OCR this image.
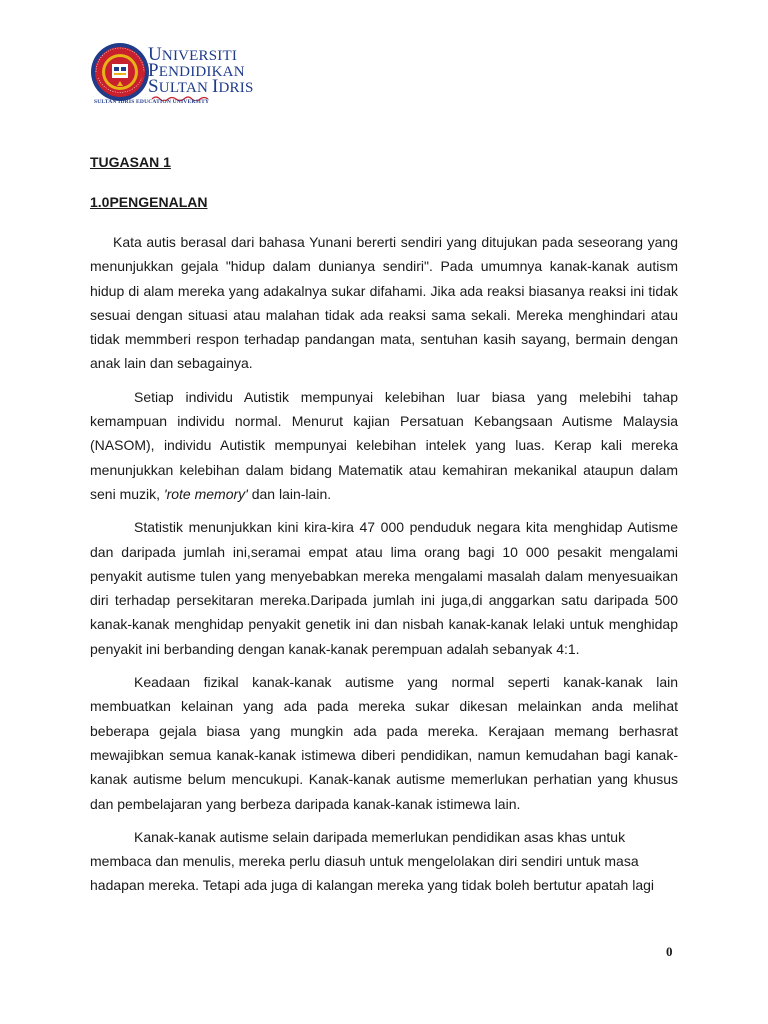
UNIVERSITI
PENDIDIKAN
SULTAN IDRIS
SULTAN IDRIS EDUCATION UNIVERSITY

TUGASAN 1

1.0PENGENALAN

Kata autis berasal dari bahasa Yunani bererti sendiri yang ditujukan pada seseorang yang menunjukkan gejala "hidup dalam dunianya sendiri". Pada umumnya kanak-kanak autism hidup di alam mereka yang adakalnya sukar difahami. Jika ada reaksi biasanya reaksi ini tidak sesuai dengan situasi atau malahan tidak ada reaksi sama sekali. Mereka menghindari atau tidak memmberi respon terhadap pandangan mata, sentuhan kasih sayang, bermain dengan anak lain dan sebagainya.

Setiap individu Autistik mempunyai kelebihan luar biasa yang melebihi tahap kemampuan individu normal. Menurut kajian Persatuan Kebangsaan Autisme Malaysia (NASOM), individu Autistik mempunyai kelebihan intelek yang luas. Kerap kali mereka menunjukkan kelebihan dalam bidang Matematik atau kemahiran mekanikal ataupun dalam seni muzik, 'rote memory' dan lain-lain.

Statistik menunjukkan kini kira-kira 47 000 penduduk negara kita menghidap Autisme dan daripada jumlah ini,seramai empat atau lima orang bagi 10 000 pesakit mengalami penyakit autisme tulen yang menyebabkan mereka mengalami masalah dalam menyesuaikan diri terhadap persekitaran mereka.Daripada jumlah ini juga,di anggarkan satu daripada 500 kanak-kanak menghidap penyakit genetik ini dan nisbah kanak-kanak lelaki untuk menghidap penyakit ini berbanding dengan kanak-kanak perempuan adalah sebanyak 4:1.

Keadaan fizikal kanak-kanak autisme yang normal seperti kanak-kanak lain membuatkan kelainan yang ada pada mereka sukar dikesan melainkan anda melihat beberapa gejala biasa yang mungkin ada pada mereka. Kerajaan memang berhasrat mewajibkan semua kanak-kanak istimewa diberi pendidikan, namun kemudahan bagi kanak-kanak autisme belum mencukupi. Kanak-kanak autisme memerlukan perhatian yang khusus dan pembelajaran yang berbeza daripada kanak-kanak istimewa lain.

Kanak-kanak autisme selain daripada memerlukan pendidikan asas khas untuk membaca dan menulis, mereka perlu diasuh untuk mengelolakan diri sendiri untuk masa hadapan mereka. Tetapi ada juga di kalangan mereka yang tidak boleh bertutur apatah lagi

0
